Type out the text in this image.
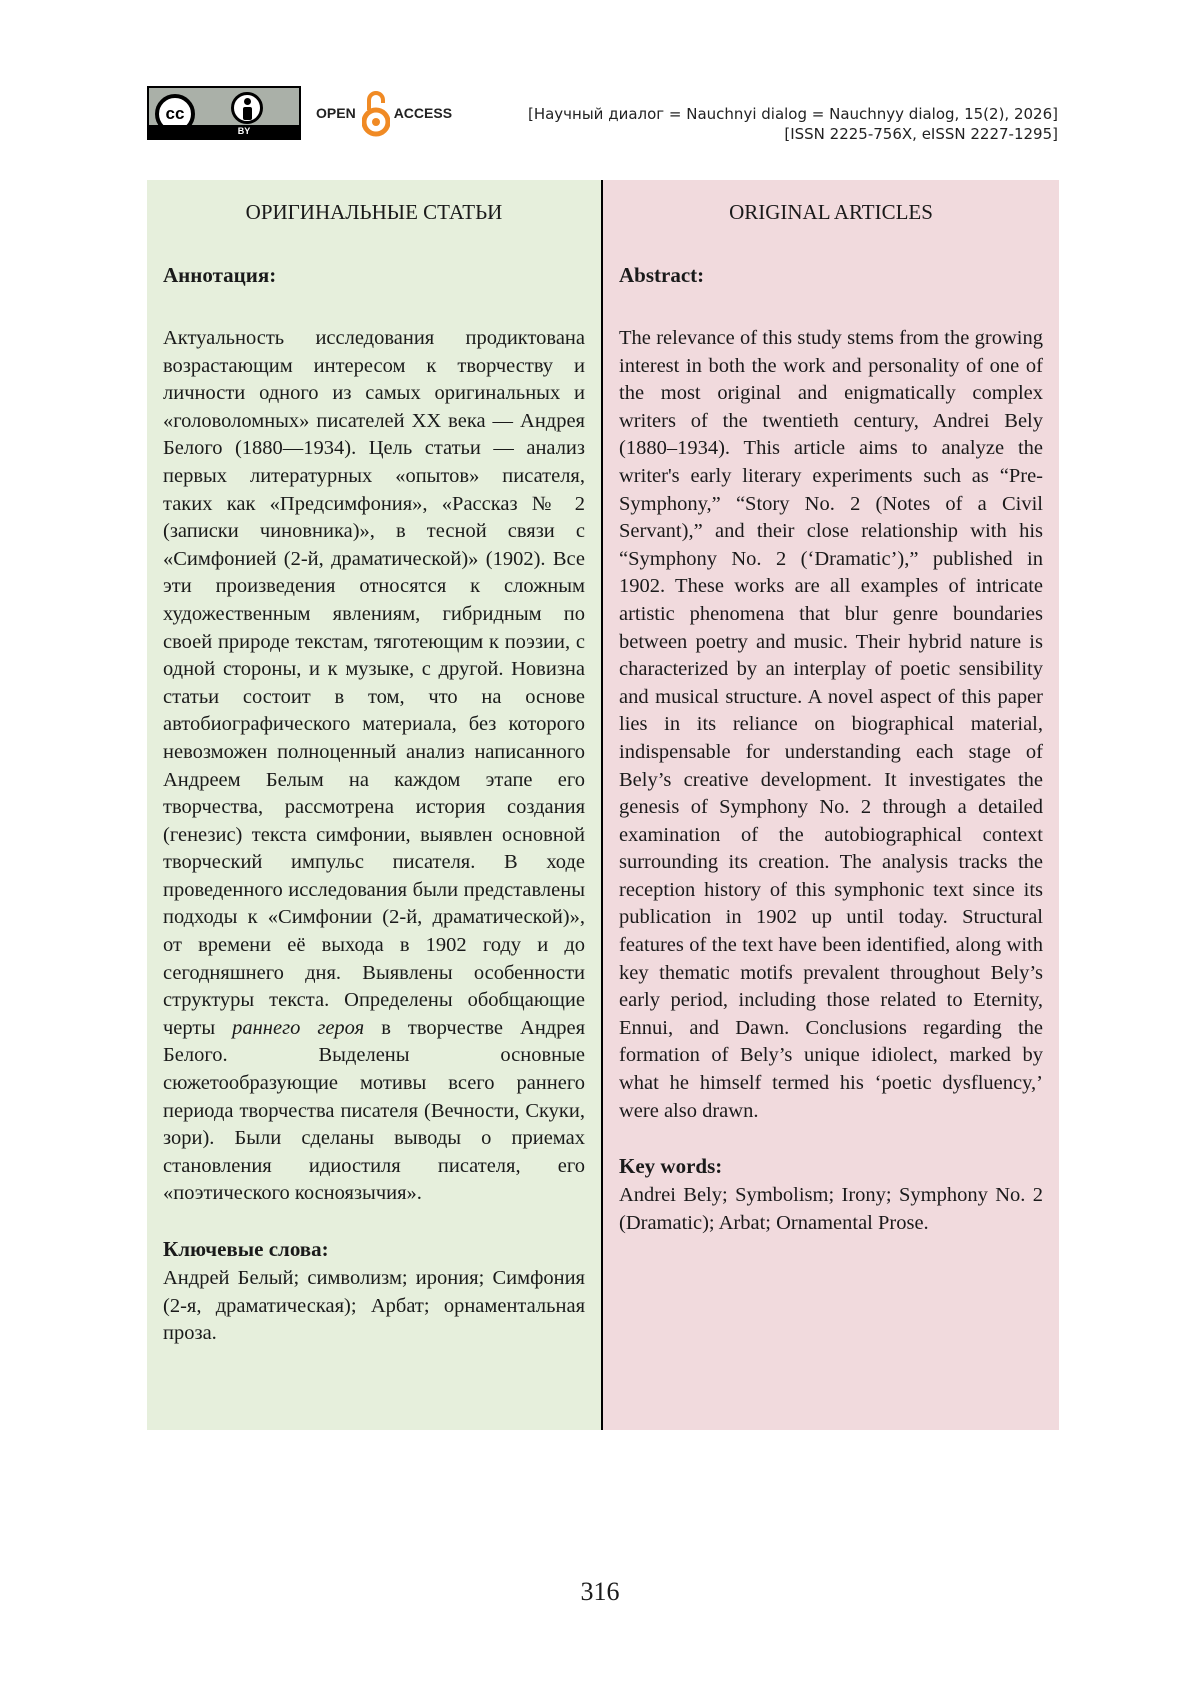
cc
BY
OPEN	ACCESS	[Научный диалог = Nauchnyi dialog = Nauchnyy dialog, 15(2), 2026]
[ISSN 2225-756X, eISSN 2227-1295]

ОРИГИНАЛЬНЫЕ СТАТЬИ

Аннотация:

Актуальность исследования продиктована возрастающим интересом к творчеству и личности одного из самых оригинальных и «головоломных» писателей XX века — Андрея Белого (1880—1934). Цель статьи — анализ первых литературных «опытов» писателя, таких как «Предсимфония», «Рассказ № 2 (записки чиновника)», в тесной связи с «Симфонией (2-й, драматической)» (1902). Все эти произведения относятся к сложным художественным явлениям, гибридным по своей природе текстам, тяготеющим к поэзии, с одной стороны, и к музыке, с другой. Новизна статьи состоит в том, что на основе автобиографического материала, без которого невозможен полноценный анализ написанного Андреем Белым на каждом этапе его творчества, рассмотрена история создания (генезис) текста симфонии, выявлен основной творческий импульс писателя. В ходе проведенного исследования были представлены подходы к «Симфонии (2-й, драматической)», от времени её выхода в 1902 году и до сегодняшнего дня. Выявлены особенности структуры текста. Определены обобщающие черты раннего героя в творчестве Андрея Белого. Выделены основные сюжетообразующие мотивы всего раннего периода творчества писателя (Вечности, Скуки, зори). Были сделаны выводы о приемах становления идиостиля писателя, его «поэтического косноязычия».

Ключевые слова:

Андрей Белый; символизм; ирония; Симфония (2-я, драматическая); Арбат; орнаментальная проза.

ORIGINAL ARTICLES

Abstract:

The relevance of this study stems from the growing interest in both the work and personality of one of the most original and enigmatically complex writers of the twentieth century, Andrei Bely (1880–1934). This article aims to analyze the writer's early literary experiments such as “Pre-Symphony,” “Story No. 2 (Notes of a Civil Servant),” and their close relationship with his “Symphony No. 2 (‘Dramatic’),” published in 1902. These works are all examples of intricate artistic phenomena that blur genre boundaries between poetry and music. Their hybrid nature is characterized by an interplay of poetic sensibility and musical structure. A novel aspect of this paper lies in its reliance on biographical material, indispensable for understanding each stage of Bely’s creative development. It investigates the genesis of Symphony No. 2 through a detailed examination of the autobiographical context surrounding its creation. The analysis tracks the reception history of this symphonic text since its publication in 1902 up until today. Structural features of the text have been identified, along with key thematic motifs prevalent throughout Bely’s early period, including those related to Eternity, Ennui, and Dawn. Conclusions regarding the formation of Bely’s unique idiolect, marked by what he himself termed his ‘poetic dysfluency,’ were also drawn.

Key words:

Andrei Bely; Symbolism; Irony; Symphony No. 2 (Dramatic); Arbat; Ornamental Prose.

316
